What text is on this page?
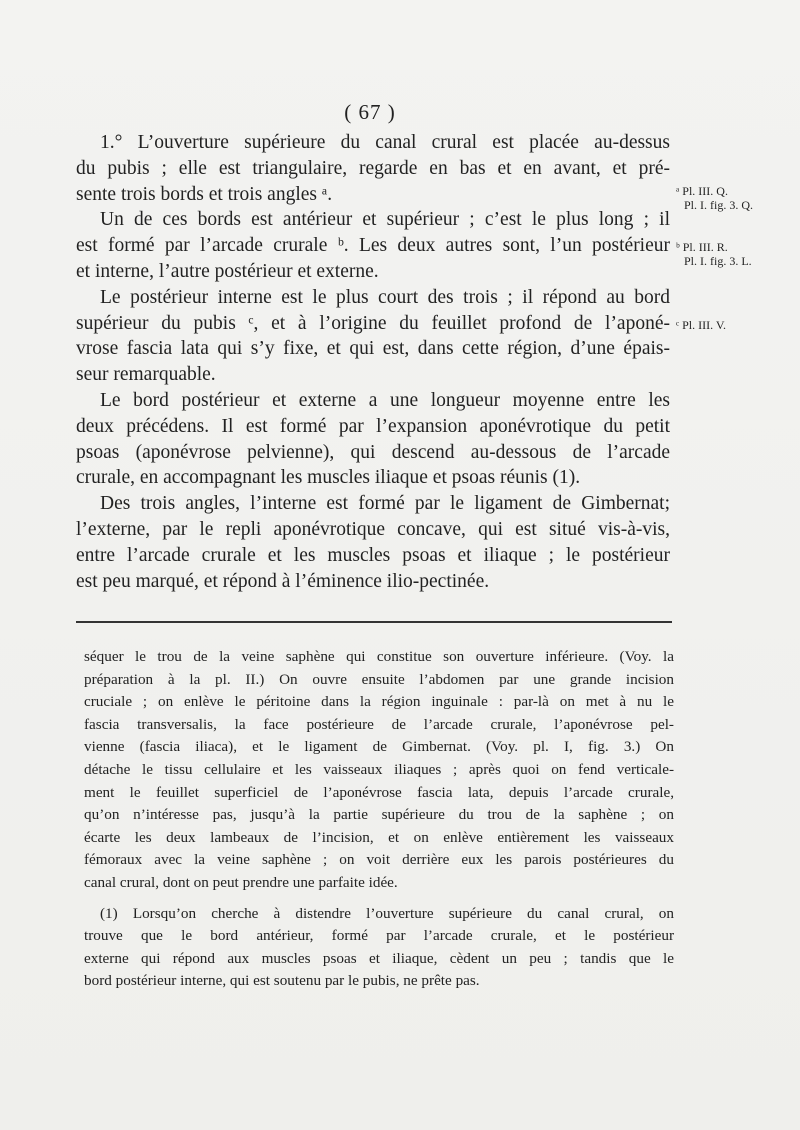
( 67 )

1.° L’ouverture supérieure du canal crural est placée au-dessus

du pubis ; elle est triangulaire, regarde en bas et en avant, et pré-
sente trois bords et trois angles ᵃ.

Un de ces bords est antérieur et supérieur ; c’est le plus long ; il

est formé par l’arcade crurale ᵇ. Les deux autres sont, l’un postérieur
et interne, l’autre postérieur et externe.

Le postérieur interne est le plus court des trois ; il répond au bord

supérieur du pubis ᶜ, et à l’origine du feuillet profond de l’aponé-
vrose fascia lata qui s’y fixe, et qui est, dans cette région, d’une épais-
seur remarquable.

Le bord postérieur et externe a une longueur moyenne entre les

deux précédens. Il est formé par l’expansion aponévrotique du petit
psoas (aponévrose pelvienne), qui descend au-dessous de l’arcade
crurale, en accompagnant les muscles iliaque et psoas réunis (1).

Des trois angles, l’interne est formé par le ligament de Gimbernat;

l’externe, par le repli aponévrotique concave, qui est situé vis-à-vis,
entre l’arcade crurale et les muscles psoas et iliaque ; le postérieur
est peu marqué, et répond à l’éminence ilio-pectinée.

ᵃ Pl. III. Q.
Pl. I. fig. 3. Q.
ᵇ Pl. III. R.
Pl. I. fig. 3. L.
ᶜ Pl. III. V.

séquer le trou de la veine saphène qui constitue son ouverture inférieure. (Voy. la
préparation à la pl. II.) On ouvre ensuite l’abdomen par une grande incision
cruciale ; on enlève le péritoine dans la région inguinale : par-là on met à nu le
fascia transversalis, la face postérieure de l’arcade crurale, l’aponévrose pel-
vienne (fascia iliaca), et le ligament de Gimbernat. (Voy. pl. I, fig. 3.) On
détache le tissu cellulaire et les vaisseaux iliaques ; après quoi on fend verticale-
ment le feuillet superficiel de l’aponévrose fascia lata, depuis l’arcade crurale,
qu’on n’intéresse pas, jusqu’à la partie supérieure du trou de la saphène ; on
écarte les deux lambeaux de l’incision, et on enlève entièrement les vaisseaux
fémoraux avec la veine saphène ; on voit derrière eux les parois postérieures du
canal crural, dont on peut prendre une parfaite idée.

(1) Lorsqu’on cherche à distendre l’ouverture supérieure du canal crural, on

trouve que le bord antérieur, formé par l’arcade crurale, et le postérieur
externe qui répond aux muscles psoas et iliaque, cèdent un peu ; tandis que le
bord postérieur interne, qui est soutenu par le pubis, ne prête pas.
